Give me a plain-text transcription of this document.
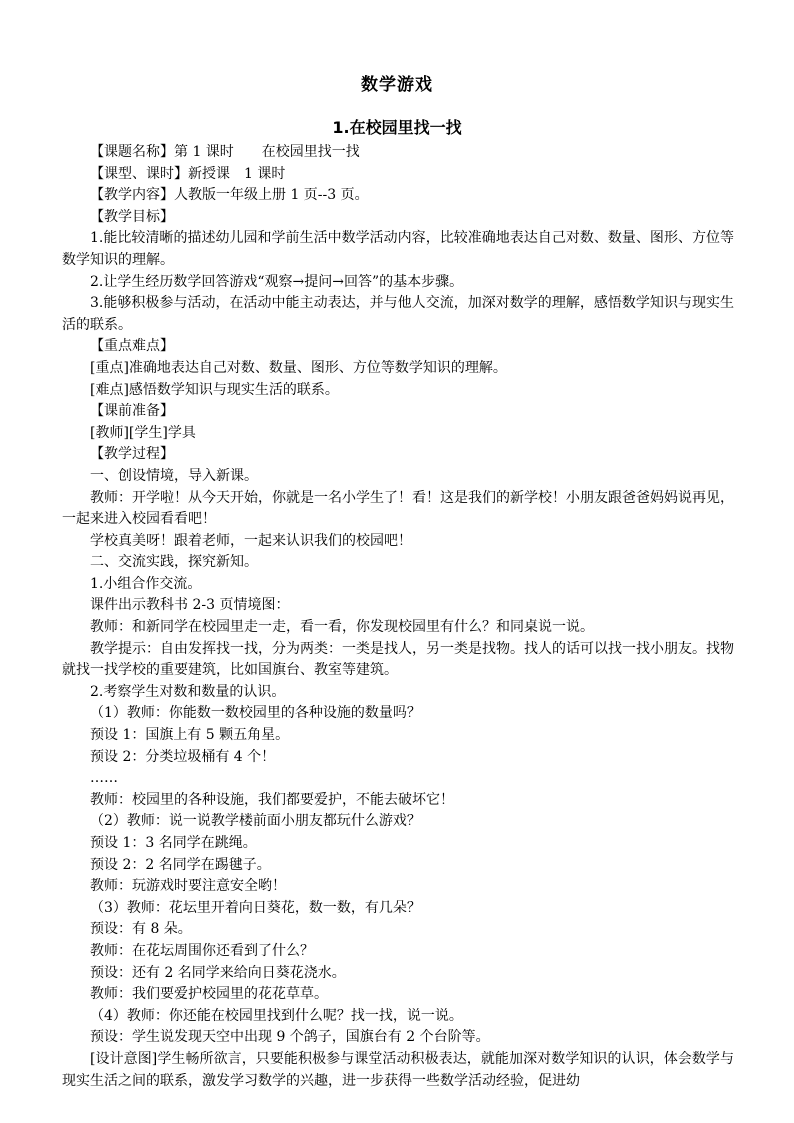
数学游戏
1.在校园里找一找

【课题名称】第 1 课时　　在校园里找一找

【课型、课时】新授课　1 课时

【教学内容】人教版一年级上册 1 页--3 页。

【教学目标】

1.能比较清晰的描述幼儿园和学前生活中数学活动内容，比较准确地表达自己对数、数量、图形、方位等数学知识的理解。

2.让学生经历数学回答游戏“观察→提问→回答”的基本步骤。

3.能够积极参与活动，在活动中能主动表达，并与他人交流，加深对数学的理解，感悟数学知识与现实生活的联系。

【重点难点】

[重点]准确地表达自己对数、数量、图形、方位等数学知识的理解。

[难点]感悟数学知识与现实生活的联系。

【课前准备】

[教师][学生]学具

【教学过程】

一、创设情境，导入新课。

教师：开学啦！从今天开始，你就是一名小学生了！看！这是我们的新学校！小朋友跟爸爸妈妈说再见，一起来进入校园看看吧！

学校真美呀！跟着老师，一起来认识我们的校园吧！

二、交流实践，探究新知。

1.小组合作交流。

课件出示教科书 2-3 页情境图：

教师：和新同学在校园里走一走，看一看，你发现校园里有什么？和同桌说一说。

教学提示：自由发挥找一找，分为两类：一类是找人，另一类是找物。找人的话可以找一找小朋友。找物就找一找学校的重要建筑，比如国旗台、教室等建筑。

2.考察学生对数和数量的认识。

（1）教师：你能数一数校园里的各种设施的数量吗？

预设 1：国旗上有 5 颗五角星。

预设 2：分类垃圾桶有 4 个！

……

教师：校园里的各种设施，我们都要爱护，不能去破坏它！

（2）教师：说一说教学楼前面小朋友都玩什么游戏？

预设 1：3 名同学在跳绳。

预设 2：2 名同学在踢毽子。

教师：玩游戏时要注意安全哟！

（3）教师：花坛里开着向日葵花，数一数，有几朵？

预设：有 8 朵。

教师：在花坛周围你还看到了什么？

预设：还有 2 名同学来给向日葵花浇水。

教师：我们要爱护校园里的花花草草。

（4）教师：你还能在校园里找到什么呢？找一找，说一说。

预设：学生说发现天空中出现 9 个鸽子，国旗台有 2 个台阶等。

[设计意图]学生畅所欲言，只要能积极参与课堂活动积极表达，就能加深对数学知识的认识，体会数学与现实生活之间的联系，激发学习数学的兴趣，进一步获得一些数学活动经验，促进幼
